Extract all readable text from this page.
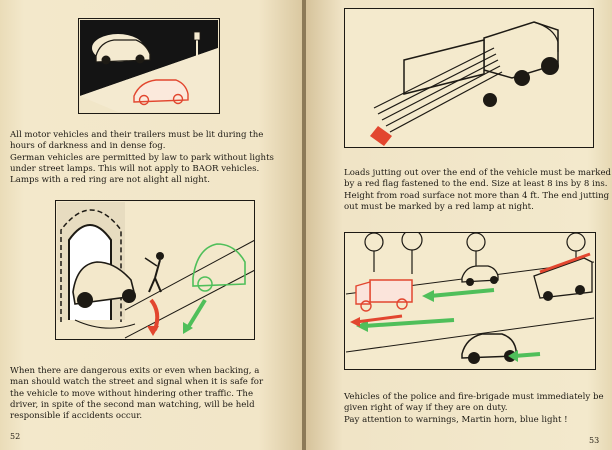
All motor vehicles and their trailers must be lit during the
hours of darkness and in dense fog.
German vehicles are permitted by law to park without lights
under street lamps. This will not apply to BAOR vehicles.
Lamps with a red ring are not alight all night.

When there are dangerous exits or even when backing, a
man should watch the street and signal when it is safe for
the vehicle to move without hindering other traffic. The
driver, in spite of the second man watching, will be held
responsible if accidents occur.

52

Loads jutting out over the end of the vehicle must be marked
by a red flag fastened to the end. Size at least 8 ins by 8 ins.
Height from road surface not more than 4 ft. The end jutting
out must be marked by a red lamp at night.

Vehicles of the police and fire-brigade must immediately be
given right of way if they are on duty.
Pay attention to warnings, Martin horn, blue light !

53
